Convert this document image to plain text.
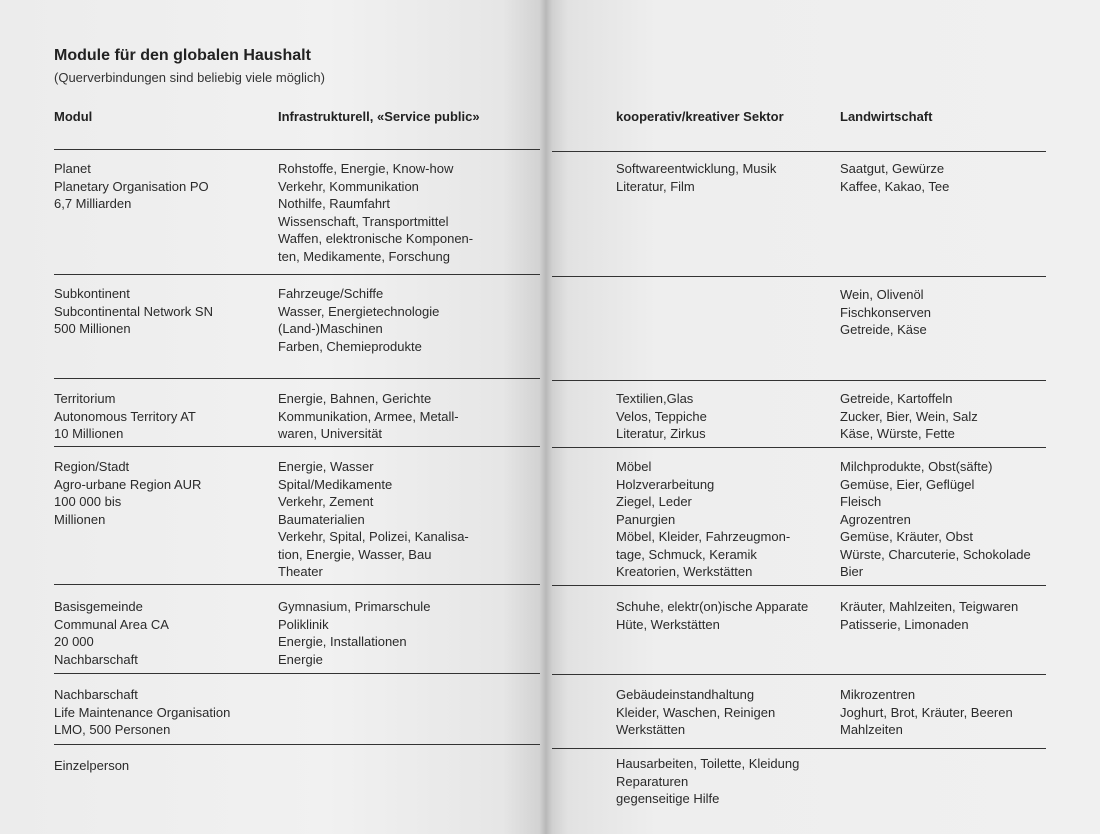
Module für den globalen Haushalt
(Querverbindungen sind beliebig viele möglich)
Modul	Infrastrukturell, «Service public»
Planet
Planetary Organisation PO
6,7 Milliarden
Rohstoffe, Energie, Know-how
Verkehr, Kommunikation
Nothilfe, Raumfahrt
Wissenschaft, Transportmittel
Waffen, elektronische Komponen-
ten, Medikamente, Forschung
Subkontinent
Subcontinental Network SN
500 Millionen
Fahrzeuge/Schiffe
Wasser, Energietechnologie
(Land-)Maschinen
Farben, Chemieprodukte
Territorium
Autonomous Territory AT
10 Millionen
Energie, Bahnen, Gerichte
Kommunikation, Armee, Metall-
waren, Universität
Region/Stadt
Agro-urbane Region AUR
100 000 bis
Millionen
Energie, Wasser
Spital/Medikamente
Verkehr, Zement
Baumaterialien
Verkehr, Spital, Polizei, Kanalisa-
tion, Energie, Wasser, Bau
Theater
Basisgemeinde
Communal Area CA
20 000
Nachbarschaft
Gymnasium, Primarschule
Poliklinik
Energie, Installationen
Energie
Nachbarschaft
Life Maintenance Organisation
LMO, 500 Personen
Einzelperson
kooperativ/kreativer Sektor	Landwirtschaft
Softwareentwicklung, Musik
Literatur, Film
Saatgut, Gewürze
Kaffee, Kakao, Tee
Wein, Olivenöl
Fischkonserven
Getreide, Käse
Textilien,Glas
Velos, Teppiche
Literatur, Zirkus
Getreide, Kartoffeln
Zucker, Bier, Wein, Salz
Käse, Würste, Fette
Möbel
Holzverarbeitung
Ziegel, Leder
Panurgien
Möbel, Kleider, Fahrzeugmon-
tage, Schmuck, Keramik
Kreatorien, Werkstätten
Milchprodukte, Obst(säfte)
Gemüse, Eier, Geflügel
Fleisch
Agrozentren
Gemüse, Kräuter, Obst
Würste, Charcuterie, Schokolade
Bier
Schuhe, elektr(on)ische Apparate
Hüte, Werkstätten
Kräuter, Mahlzeiten, Teigwaren
Patisserie, Limonaden
Gebäudeinstandhaltung
Kleider, Waschen, Reinigen
Werkstätten
Mikrozentren
Joghurt, Brot, Kräuter, Beeren
Mahlzeiten
Hausarbeiten, Toilette, Kleidung
Reparaturen
gegenseitige Hilfe
